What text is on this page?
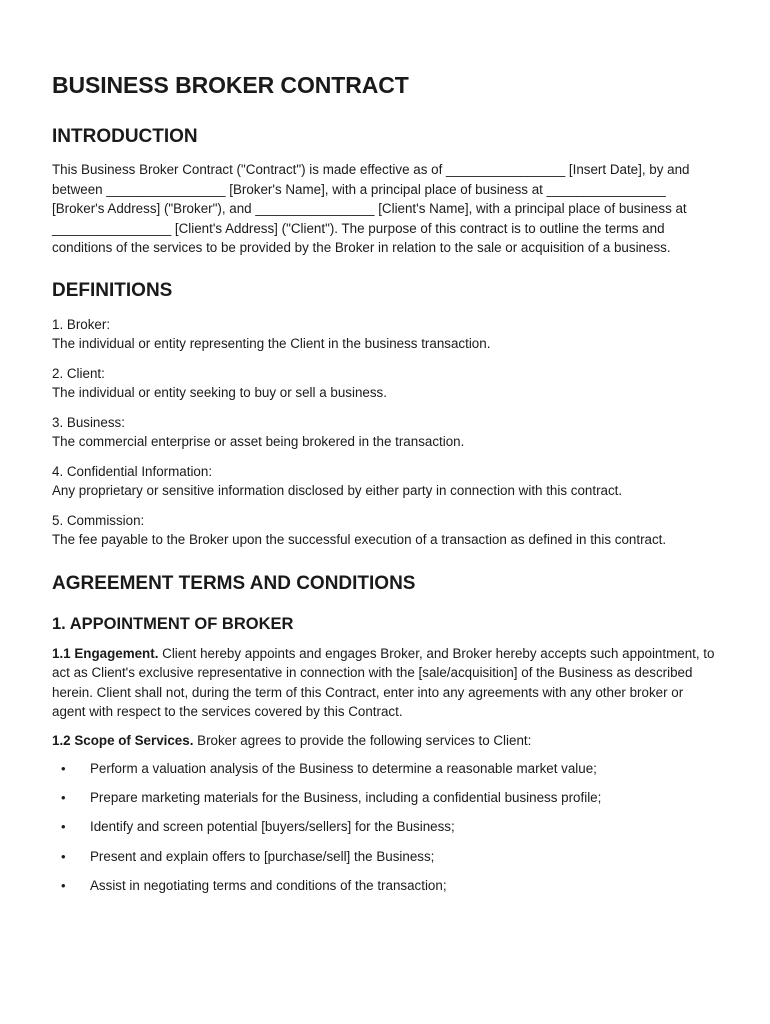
BUSINESS BROKER CONTRACT
INTRODUCTION

This Business Broker Contract ("Contract") is made effective as of ________________ [Insert Date], by and between ________________ [Broker's Name], with a principal place of business at ________________ [Broker's Address] ("Broker"), and ________________ [Client's Name], with a principal place of business at ________________ [Client's Address] ("Client"). The purpose of this contract is to outline the terms and conditions of the services to be provided by the Broker in relation to the sale or acquisition of a business.

DEFINITIONS

1. Broker:

The individual or entity representing the Client in the business transaction.

2. Client:

The individual or entity seeking to buy or sell a business.

3. Business:

The commercial enterprise or asset being brokered in the transaction.

4. Confidential Information:

Any proprietary or sensitive information disclosed by either party in connection with this contract.

5. Commission:

The fee payable to the Broker upon the successful execution of a transaction as defined in this contract.

AGREEMENT TERMS AND CONDITIONS
1. APPOINTMENT OF BROKER

1.1 Engagement. Client hereby appoints and engages Broker, and Broker hereby accepts such appointment, to act as Client's exclusive representative in connection with the [sale/acquisition] of the Business as described herein. Client shall not, during the term of this Contract, enter into any agreements with any other broker or agent with respect to the services covered by this Contract.

1.2 Scope of Services. Broker agrees to provide the following services to Client:

• Perform a valuation analysis of the Business to determine a reasonable market value;
• Prepare marketing materials for the Business, including a confidential business profile;
• Identify and screen potential [buyers/sellers] for the Business;
• Present and explain offers to [purchase/sell] the Business;
• Assist in negotiating terms and conditions of the transaction;
